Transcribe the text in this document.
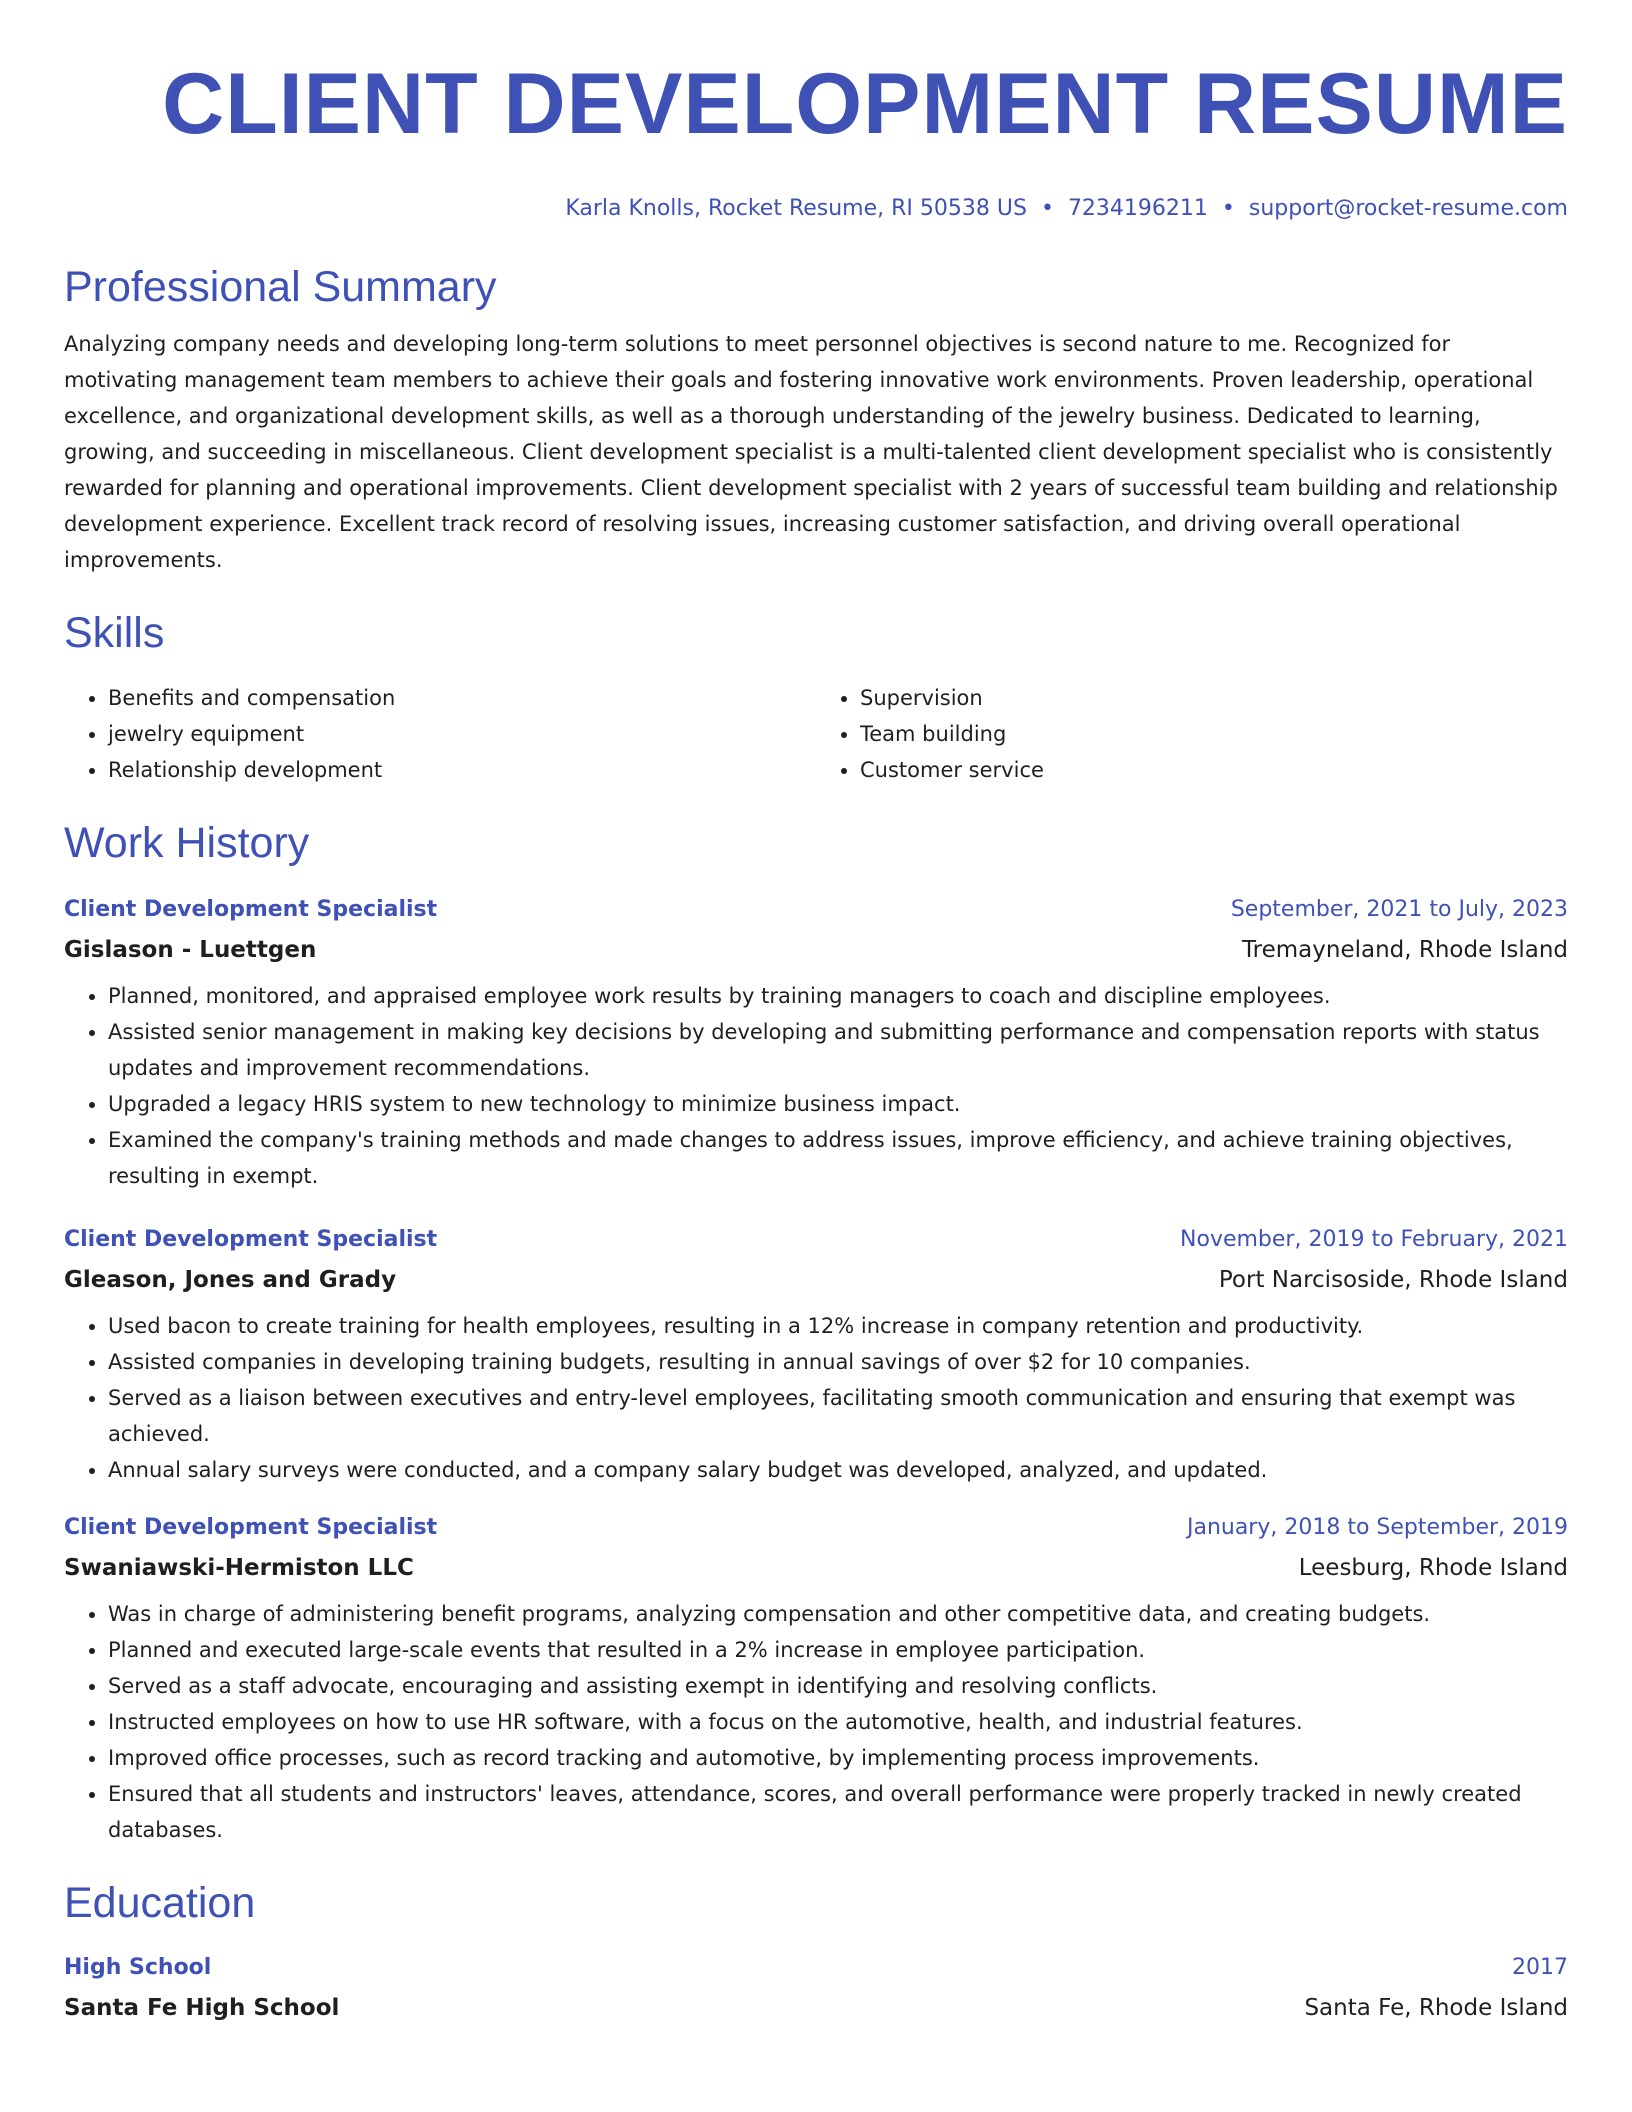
CLIENT DEVELOPMENT RESUME
Karla Knolls, Rocket Resume, RI 50538 US • 7234196211 • support@rocket-resume.com
Professional Summary

Analyzing company needs and developing long-term solutions to meet personnel objectives is second nature to me. Recognized for motivating management team members to achieve their goals and fostering innovative work environments. Proven leadership, operational excellence, and organizational development skills, as well as a thorough understanding of the jewelry business. Dedicated to learning, growing, and succeeding in miscellaneous. Client development specialist is a multi-talented client development specialist who is consistently rewarded for planning and operational improvements. Client development specialist with 2 years of successful team building and relationship development experience. Excellent track record of resolving issues, increasing customer satisfaction, and driving overall operational improvements.

Skills
• Benefits and compensation
• jewelry equipment
• Relationship development
• Supervision
• Team building
• Customer service
Work History
Client Development Specialist	September, 2021 to July, 2023
Gislason - Luettgen	Tremayneland, Rhode Island
• Planned, monitored, and appraised employee work results by training managers to coach and discipline employees.
• Assisted senior management in making key decisions by developing and submitting performance and compensation reports with status updates and improvement recommendations.
• Upgraded a legacy HRIS system to new technology to minimize business impact.
• Examined the company's training methods and made changes to address issues, improve efficiency, and achieve training objectives, resulting in exempt.
Client Development Specialist	November, 2019 to February, 2021
Gleason, Jones and Grady	Port Narcisoside, Rhode Island
• Used bacon to create training for health employees, resulting in a 12% increase in company retention and productivity.
• Assisted companies in developing training budgets, resulting in annual savings of over $2 for 10 companies.
• Served as a liaison between executives and entry-level employees, facilitating smooth communication and ensuring that exempt was achieved.
• Annual salary surveys were conducted, and a company salary budget was developed, analyzed, and updated.
Client Development Specialist	January, 2018 to September, 2019
Swaniawski-Hermiston LLC	Leesburg, Rhode Island
• Was in charge of administering benefit programs, analyzing compensation and other competitive data, and creating budgets.
• Planned and executed large-scale events that resulted in a 2% increase in employee participation.
• Served as a staff advocate, encouraging and assisting exempt in identifying and resolving conflicts.
• Instructed employees on how to use HR software, with a focus on the automotive, health, and industrial features.
• Improved office processes, such as record tracking and automotive, by implementing process improvements.
• Ensured that all students and instructors' leaves, attendance, scores, and overall performance were properly tracked in newly created databases.
Education
High School	2017
Santa Fe High School	Santa Fe, Rhode Island
